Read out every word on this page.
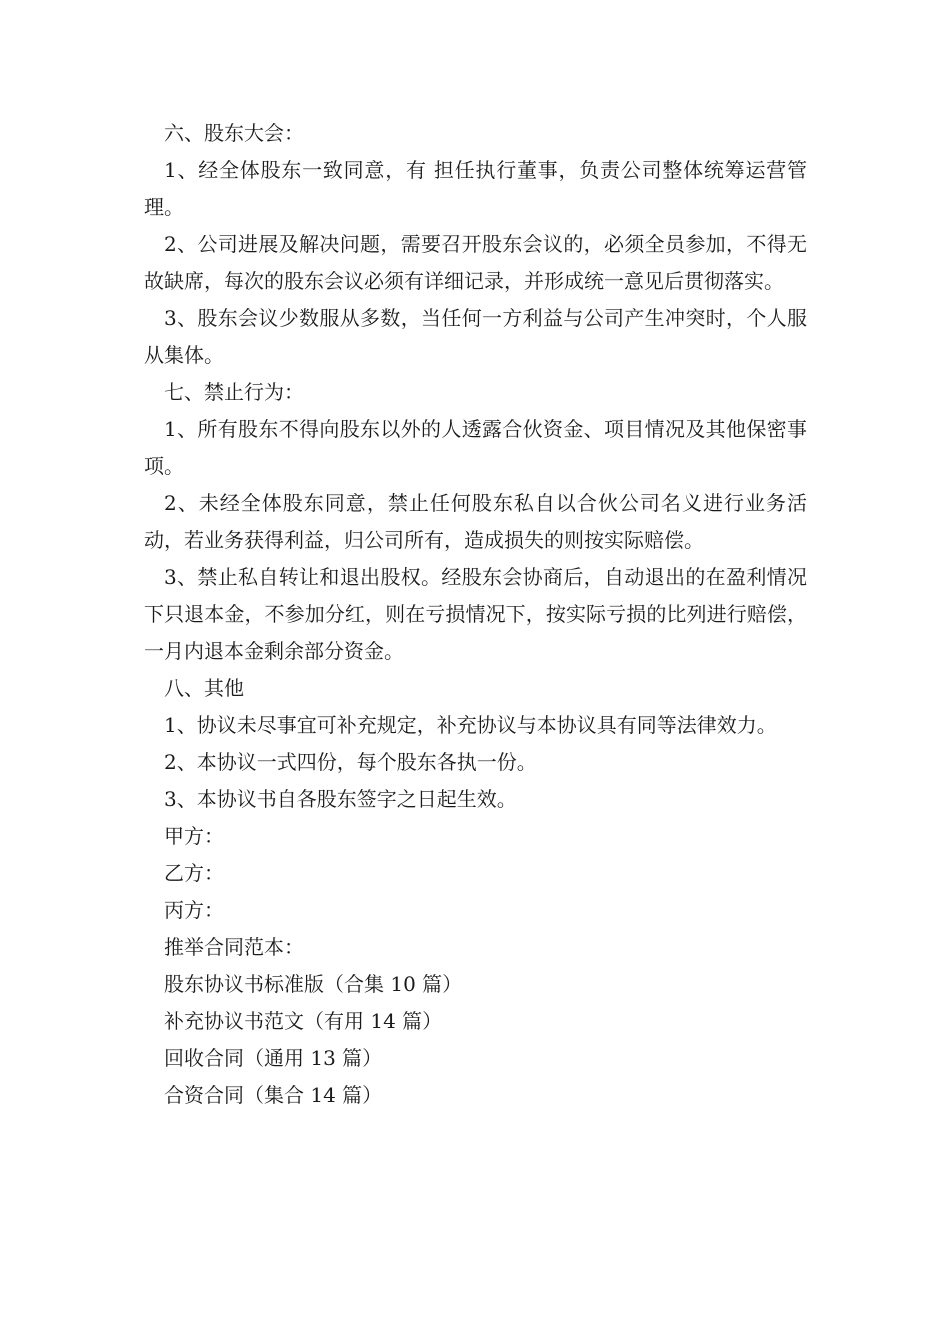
六、股东大会：

1、经全体股东一致同意，有 担任执行董事，负责公司整体统筹运营管理。

2、公司进展及解决问题，需要召开股东会议的，必须全员参加，不得无故缺席，每次的股东会议必须有详细记录，并形成统一意见后贯彻落实。

3、股东会议少数服从多数，当任何一方利益与公司产生冲突时，个人服从集体。

七、禁止行为：

1、所有股东不得向股东以外的人透露合伙资金、项目情况及其他保密事项。

2、未经全体股东同意，禁止任何股东私自以合伙公司名义进行业务活动，若业务获得利益，归公司所有，造成损失的则按实际赔偿。

3、禁止私自转让和退出股权。经股东会协商后，自动退出的在盈利情况下只退本金，不参加分红，则在亏损情况下，按实际亏损的比列进行赔偿，一月内退本金剩余部分资金。

八、其他

1、协议未尽事宜可补充规定，补充协议与本协议具有同等法律效力。

2、本协议一式四份，每个股东各执一份。

3、本协议书自各股东签字之日起生效。

甲方：

乙方：

丙方：

推举合同范本：

股东协议书标准版（合集 10 篇）

补充协议书范文（有用 14 篇）

回收合同（通用 13 篇）

合资合同（集合 14 篇）
